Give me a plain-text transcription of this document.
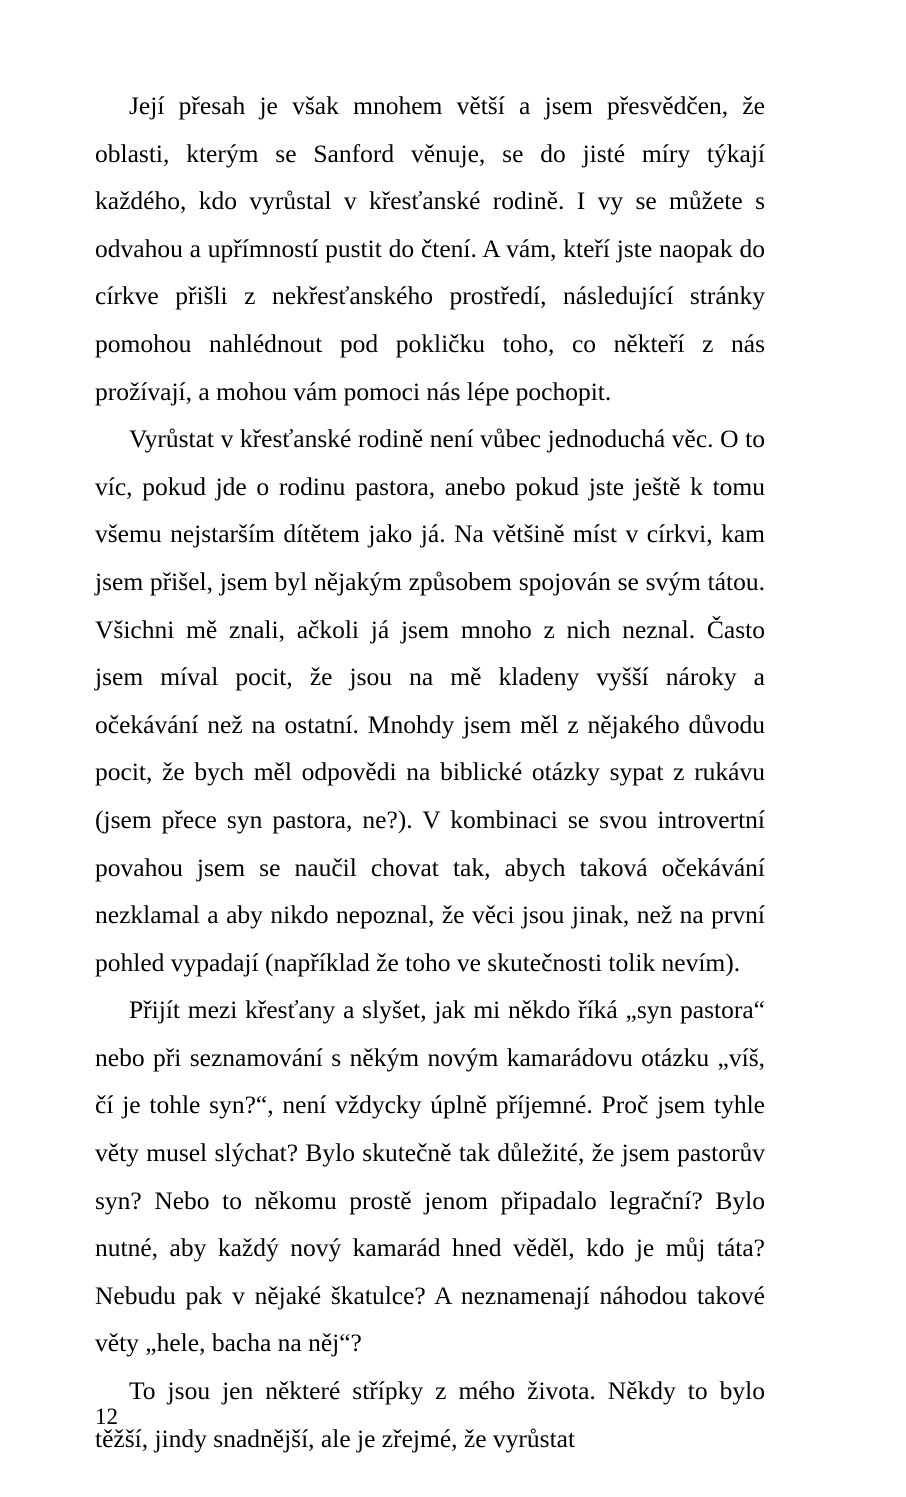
Její přesah je však mnohem větší a jsem přesvědčen, že oblasti, kterým se Sanford věnuje, se do jisté míry týkají každého, kdo vyrůstal v křesťanské rodině. I vy se můžete s odvahou a upřímností pustit do čtení. A vám, kteří jste naopak do církve přišli z nekřesťanského prostředí, následující stránky pomohou nahlédnout pod pokličku toho, co někteří z nás prožívají, a mohou vám pomoci nás lépe pochopit.

Vyrůstat v křesťanské rodině není vůbec jednoduchá věc. O to víc, pokud jde o rodinu pastora, anebo pokud jste ještě k tomu všemu nejstarším dítětem jako já. Na většině míst v církvi, kam jsem přišel, jsem byl nějakým způsobem spojován se svým tátou. Všichni mě znali, ačkoli já jsem mnoho z nich neznal. Často jsem míval pocit, že jsou na mě kladeny vyšší nároky a očekávání než na ostatní. Mnohdy jsem měl z nějakého důvodu pocit, že bych měl odpovědi na biblické otázky sypat z rukávu (jsem přece syn pastora, ne?). V kombinaci se svou introvertní povahou jsem se naučil chovat tak, abych taková očekávání nezklamal a aby nikdo nepoznal, že věci jsou jinak, než na první pohled vypadají (například že toho ve skutečnosti tolik nevím).

Přijít mezi křesťany a slyšet, jak mi někdo říká „syn pastora“ nebo při seznamování s někým novým kamarádovu otázku „víš, čí je tohle syn?“, není vždycky úplně příjemné. Proč jsem tyhle věty musel slýchat? Bylo skutečně tak důležité, že jsem pastorův syn? Nebo to někomu prostě jenom připadalo legrační? Bylo nutné, aby každý nový kamarád hned věděl, kdo je můj táta? Nebudu pak v nějaké škatulce? A neznamenají náhodou takové věty „hele, bacha na něj“?

To jsou jen některé střípky z mého života. Někdy to bylo těžší, jindy snadnější, ale je zřejmé, že vyrůstat

12
